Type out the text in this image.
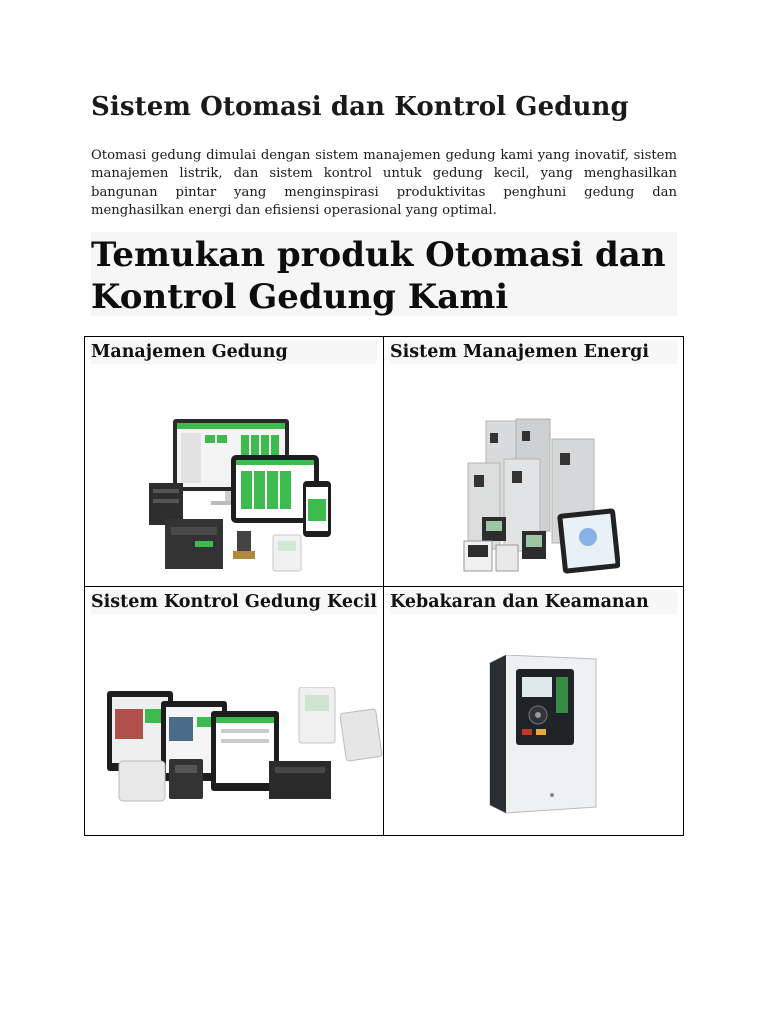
Sistem Otomasi dan Kontrol Gedung

Otomasi gedung dimulai dengan sistem manajemen gedung kami yang inovatif, sistem manajemen listrik, dan sistem kontrol untuk gedung kecil, yang menghasilkan bangunan pintar yang menginspirasi produktivitas penghuni gedung dan menghasilkan energi dan efisiensi operasional yang optimal.

Temukan produk Otomasi dan Kontrol Gedung Kami
Manajemen Gedung	Sistem Manajemen Energi
Sistem Kontrol Gedung Kecil Kebakaran dan Keamanan
